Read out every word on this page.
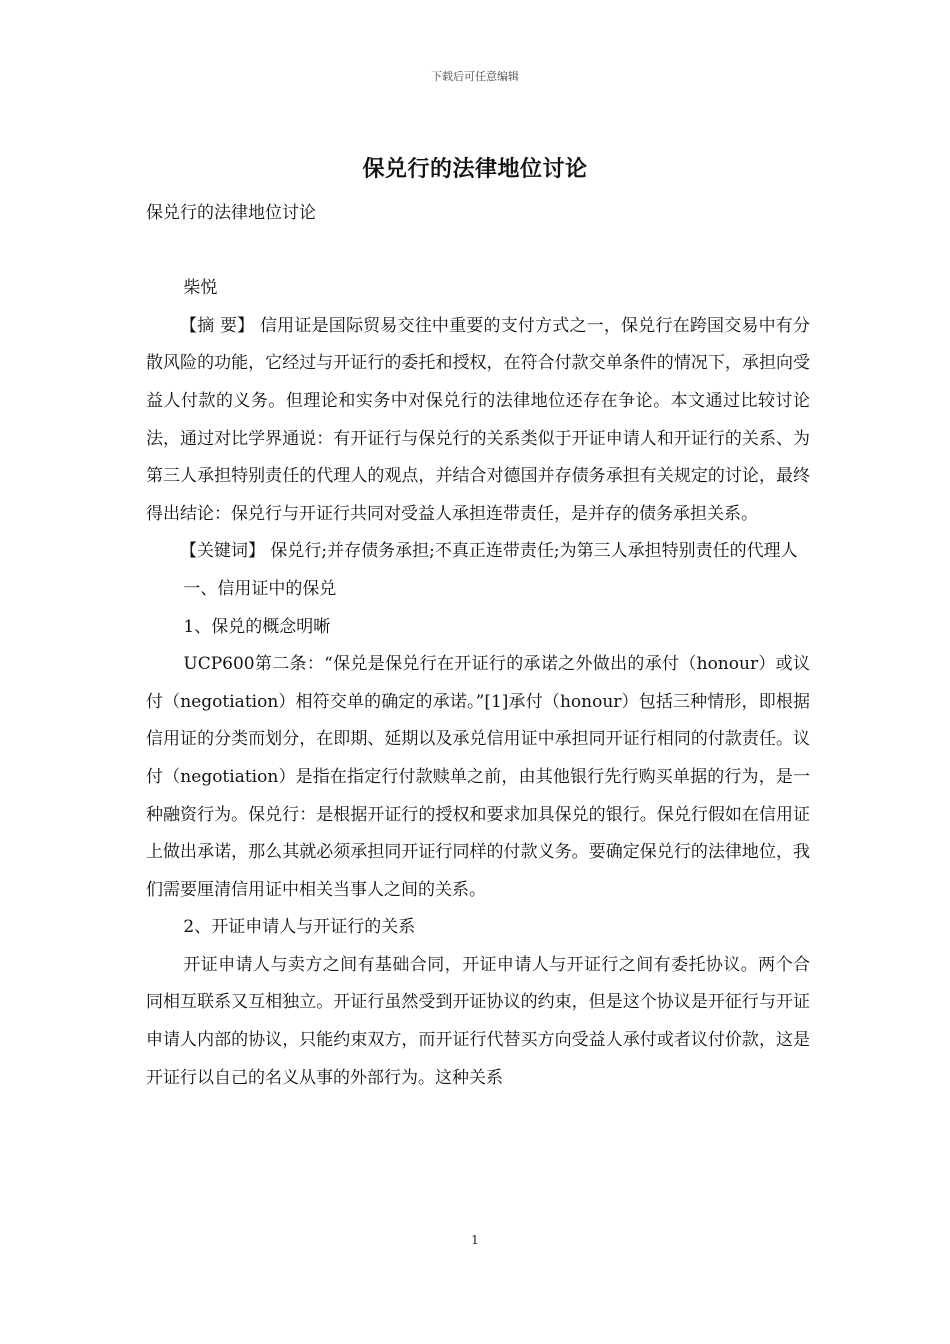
下载后可任意编辑
保兑行的法律地位讨论

保兑行的法律地位讨论

柴悦

【摘 要】 信用证是国际贸易交往中重要的支付方式之一，保兑行在跨国交易中有分散风险的功能，它经过与开证行的委托和授权，在符合付款交单条件的情况下，承担向受益人付款的义务。但理论和实务中对保兑行的法律地位还存在争论。本文通过比较讨论法，通过对比学界通说：有开证行与保兑行的关系类似于开证申请人和开证行的关系、为第三人承担特别责任的代理人的观点，并结合对德国并存债务承担有关规定的讨论，最终得出结论：保兑行与开证行共同对受益人承担连带责任，是并存的债务承担关系。

【关键词】 保兑行;并存债务承担;不真正连带责任;为第三人承担特别责任的代理人

一、信用证中的保兑

1、保兑的概念明晰

UCP600第二条：“保兑是保兑行在开证行的承诺之外做出的承付（honour）或议付（negotiation）相符交单的确定的承诺。”[1]承付（honour）包括三种情形，即根据信用证的分类而划分，在即期、延期以及承兑信用证中承担同开证行相同的付款责任。议付（negotiation）是指在指定行付款赎单之前，由其他银行先行购买单据的行为，是一种融资行为。保兑行：是根据开证行的授权和要求加具保兑的银行。保兑行假如在信用证上做出承诺，那么其就必须承担同开证行同样的付款义务。要确定保兑行的法律地位，我们需要厘清信用证中相关当事人之间的关系。

2、开证申请人与开证行的关系

开证申请人与卖方之间有基础合同，开证申请人与开证行之间有委托协议。两个合同相互联系又互相独立。开证行虽然受到开证协议的约束，但是这个协议是开征行与开证申请人内部的协议，只能约束双方，而开证行代替买方向受益人承付或者议付价款，这是开证行以自己的名义从事的外部行为。这种关系

1
